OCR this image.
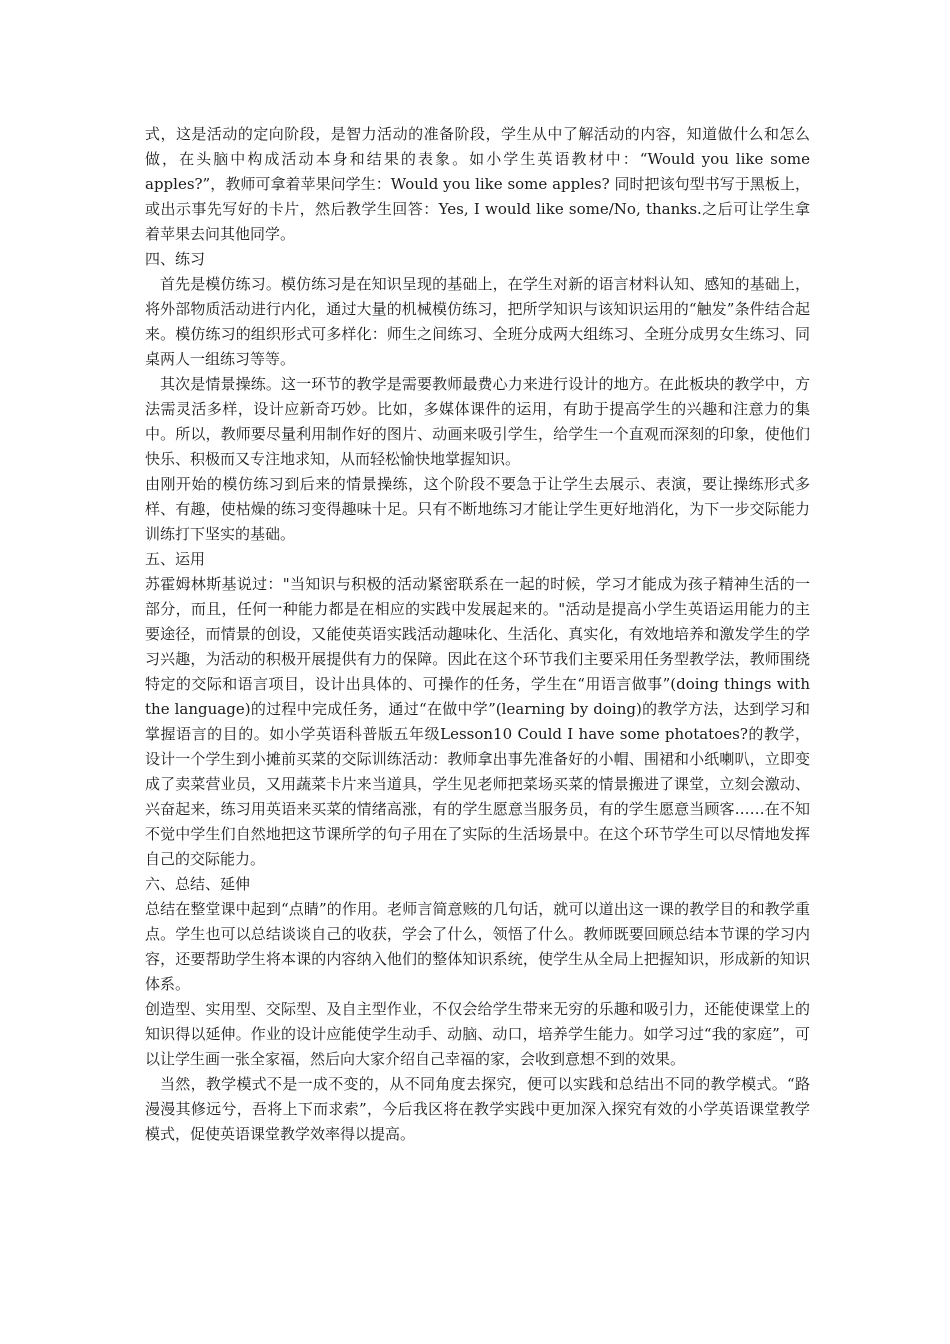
式，这是活动的定向阶段，是智力活动的准备阶段，学生从中了解活动的内容，知道做什么和怎么做，在头脑中构成活动本身和结果的表象。如小学生英语教材中：“Would you like some apples?”，教师可拿着苹果问学生：Would you like some apples? 同时把该句型书写于黑板上，或出示事先写好的卡片，然后教学生回答：Yes, I would like some/No, thanks.之后可让学生拿着苹果去问其他同学。

四、练习

首先是模仿练习。模仿练习是在知识呈现的基础上，在学生对新的语言材料认知、感知的基础上，将外部物质活动进行内化，通过大量的机械模仿练习，把所学知识与该知识运用的“触发”条件结合起来。模仿练习的组织形式可多样化：师生之间练习、全班分成两大组练习、全班分成男女生练习、同桌两人一组练习等等。

其次是情景操练。这一环节的教学是需要教师最费心力来进行设计的地方。在此板块的教学中，方法需灵活多样，设计应新奇巧妙。比如，多媒体课件的运用，有助于提高学生的兴趣和注意力的集中。所以，教师要尽量利用制作好的图片、动画来吸引学生，给学生一个直观而深刻的印象，使他们快乐、积极而又专注地求知，从而轻松愉快地掌握知识。

由刚开始的模仿练习到后来的情景操练，这个阶段不要急于让学生去展示、表演，要让操练形式多样、有趣，使枯燥的练习变得趣味十足。只有不断地练习才能让学生更好地消化，为下一步交际能力训练打下坚实的基础。

五、运用

苏霍姆林斯基说过："当知识与积极的活动紧密联系在一起的时候，学习才能成为孩子精神生活的一部分，而且，任何一种能力都是在相应的实践中发展起来的。"活动是提高小学生英语运用能力的主要途径，而情景的创设，又能使英语实践活动趣味化、生活化、真实化，有效地培养和激发学生的学习兴趣，为活动的积极开展提供有力的保障。因此在这个环节我们主要采用任务型教学法，教师围绕特定的交际和语言项目，设计出具体的、可操作的任务，学生在“用语言做事”(doing things with the language)的过程中完成任务，通过“在做中学”(learning by doing)的教学方法，达到学习和掌握语言的目的。如小学英语科普版五年级Lesson10 Could I have some photatoes?的教学，设计一个学生到小摊前买菜的交际训练活动：教师拿出事先准备好的小帽、围裙和小纸喇叭，立即变成了卖菜营业员，又用蔬菜卡片来当道具，学生见老师把菜场买菜的情景搬进了课堂，立刻会激动、兴奋起来，练习用英语来买菜的情绪高涨，有的学生愿意当服务员，有的学生愿意当顾客……在不知不觉中学生们自然地把这节课所学的句子用在了实际的生活场景中。在这个环节学生可以尽情地发挥自己的交际能力。

六、总结、延伸

总结在整堂课中起到“点睛”的作用。老师言简意赅的几句话，就可以道出这一课的教学目的和教学重点。学生也可以总结谈谈自己的收获，学会了什么，领悟了什么。教师既要回顾总结本节课的学习内容，还要帮助学生将本课的内容纳入他们的整体知识系统，使学生从全局上把握知识，形成新的知识体系。

创造型、实用型、交际型、及自主型作业，不仅会给学生带来无穷的乐趣和吸引力，还能使课堂上的知识得以延伸。作业的设计应能使学生动手、动脑、动口，培养学生能力。如学习过“我的家庭”，可以让学生画一张全家福，然后向大家介绍自己幸福的家，会收到意想不到的效果。

当然，教学模式不是一成不变的，从不同角度去探究，便可以实践和总结出不同的教学模式。“路漫漫其修远兮，吾将上下而求索”，今后我区将在教学实践中更加深入探究有效的小学英语课堂教学模式，促使英语课堂教学效率得以提高。
